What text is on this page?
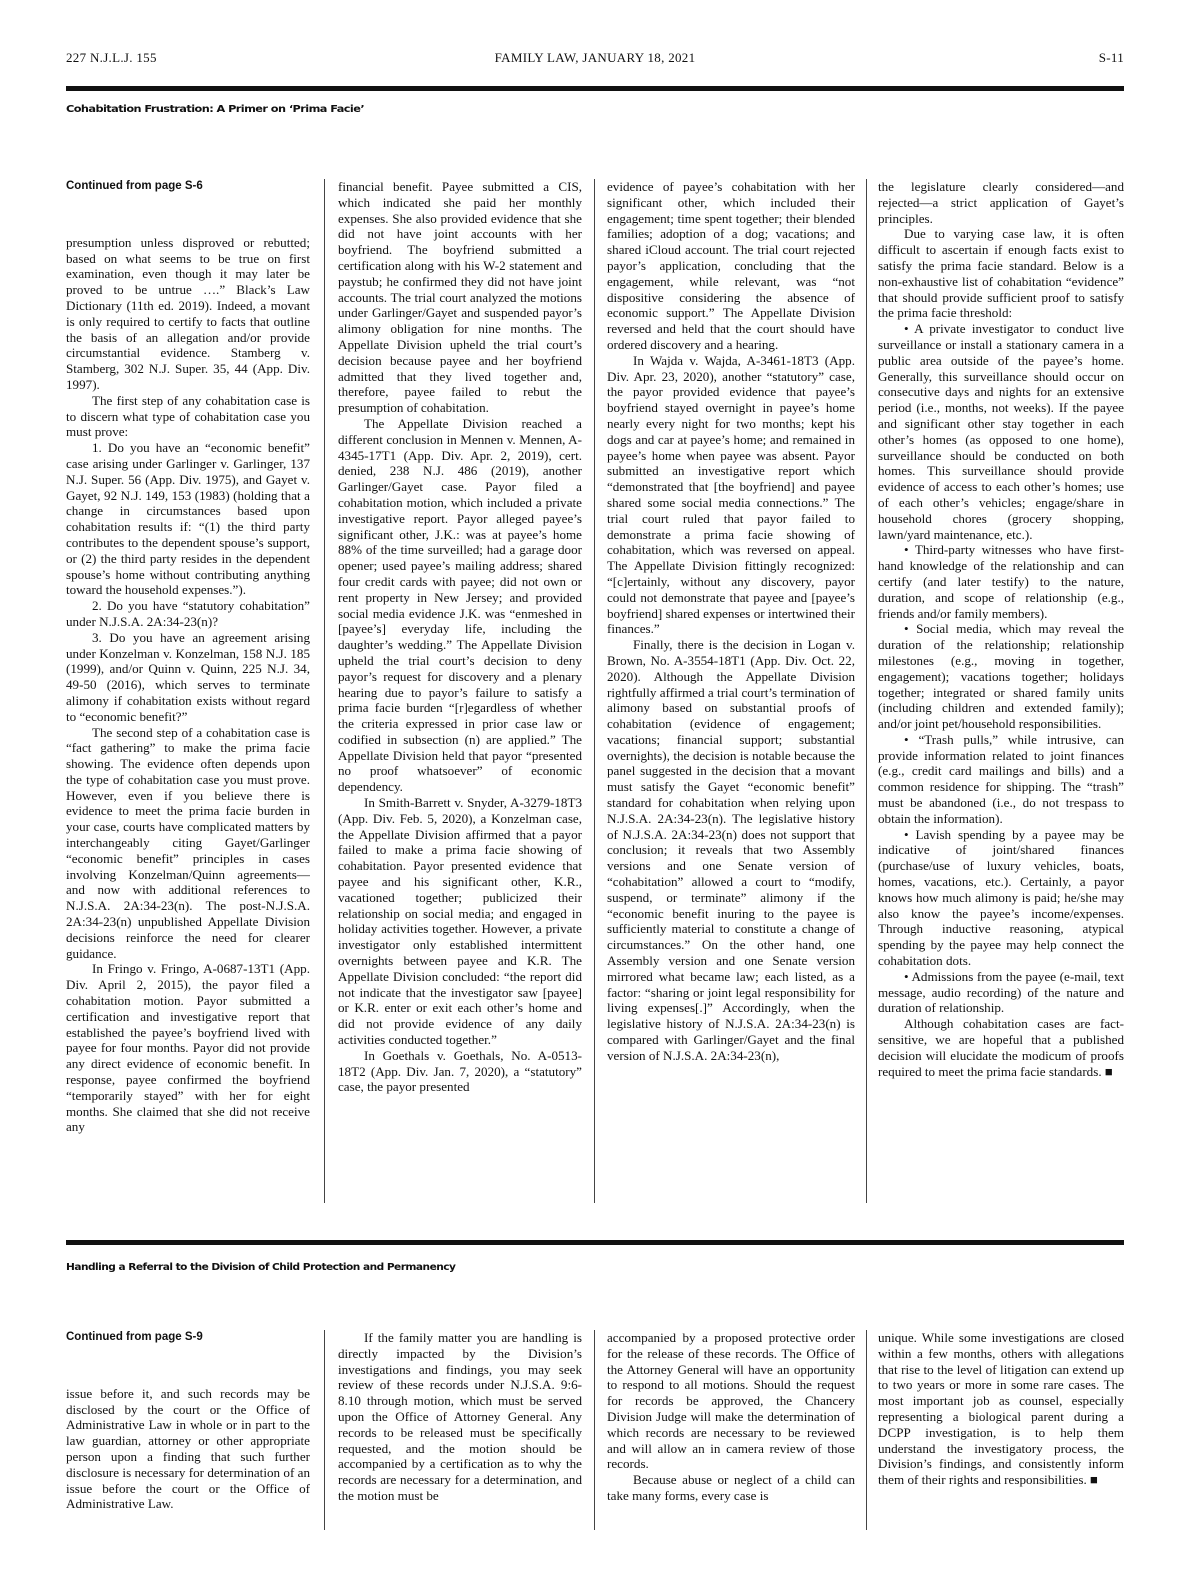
227 N.J.L.J. 155	FAMILY LAW, JANUARY 18, 2021	S-11
Cohabitation Frustration: A Primer on ‘Prima Facie’

Continued from page S-6

presumption unless disproved or rebutted; based on what seems to be true on first examination, even though it may later be proved to be untrue ….” Black’s Law Dictionary (11th ed. 2019). Indeed, a movant is only required to certify to facts that outline the basis of an allegation and/or provide circumstantial evidence. Stamberg v. Stamberg, 302 N.J. Super. 35, 44 (App. Div. 1997).

The first step of any cohabitation case is to discern what type of cohabitation case you must prove:

1. Do you have an “economic benefit” case arising under Garlinger v. Garlinger, 137 N.J. Super. 56 (App. Div. 1975), and Gayet v. Gayet, 92 N.J. 149, 153 (1983) (holding that a change in circumstances based upon cohabitation results if: “(1) the third party contributes to the dependent spouse’s support, or (2) the third party resides in the dependent spouse’s home without contributing anything toward the household expenses.”).

2. Do you have “statutory cohabitation” under N.J.S.A. 2A:34-23(n)?

3. Do you have an agreement arising under Konzelman v. Konzelman, 158 N.J. 185 (1999), and/or Quinn v. Quinn, 225 N.J. 34, 49-50 (2016), which serves to terminate alimony if cohabitation exists without regard to “economic benefit?”

The second step of a cohabitation case is “fact gathering” to make the prima facie showing. The evidence often depends upon the type of cohabitation case you must prove. However, even if you believe there is evidence to meet the prima facie burden in your case, courts have complicated matters by interchangeably citing Gayet/Garlinger “economic benefit” principles in cases involving Konzelman/Quinn agreements—and now with additional references to N.J.S.A. 2A:34-23(n). The post-N.J.S.A. 2A:34-23(n) unpublished Appellate Division decisions reinforce the need for clearer guidance.

In Fringo v. Fringo, A-0687-13T1 (App. Div. April 2, 2015), the payor filed a cohabitation motion. Payor submitted a certification and investigative report that established the payee’s boyfriend lived with payee for four months. Payor did not provide any direct evidence of economic benefit. In response, payee confirmed the boyfriend “temporarily stayed” with her for eight months. She claimed that she did not receive any

financial benefit. Payee submitted a CIS, which indicated she paid her monthly expenses. She also provided evidence that she did not have joint accounts with her boyfriend. The boyfriend submitted a certification along with his W-2 statement and paystub; he confirmed they did not have joint accounts. The trial court analyzed the motions under Garlinger/Gayet and suspended payor’s alimony obligation for nine months. The Appellate Division upheld the trial court’s decision because payee and her boyfriend admitted that they lived together and, therefore, payee failed to rebut the presumption of cohabitation.

The Appellate Division reached a different conclusion in Mennen v. Mennen, A-4345-17T1 (App. Div. Apr. 2, 2019), cert. denied, 238 N.J. 486 (2019), another Garlinger/Gayet case. Payor filed a cohabitation motion, which included a private investigative report. Payor alleged payee’s significant other, J.K.: was at payee’s home 88% of the time surveilled; had a garage door opener; used payee’s mailing address; shared four credit cards with payee; did not own or rent property in New Jersey; and provided social media evidence J.K. was “enmeshed in [payee’s] everyday life, including the daughter’s wedding.” The Appellate Division upheld the trial court’s decision to deny payor’s request for discovery and a plenary hearing due to payor’s failure to satisfy a prima facie burden “[r]egardless of whether the criteria expressed in prior case law or codified in subsection (n) are applied.” The Appellate Division held that payor “presented no proof whatsoever” of economic dependency.

In Smith-Barrett v. Snyder, A-3279-18T3 (App. Div. Feb. 5, 2020), a Konzelman case, the Appellate Division affirmed that a payor failed to make a prima facie showing of cohabitation. Payor presented evidence that payee and his significant other, K.R., vacationed together; publicized their relationship on social media; and engaged in holiday activities together. However, a private investigator only established intermittent overnights between payee and K.R. The Appellate Division concluded: “the report did not indicate that the investigator saw [payee] or K.R. enter or exit each other’s home and did not provide evidence of any daily activities conducted together.”

In Goethals v. Goethals, No. A-0513-18T2 (App. Div. Jan. 7, 2020), a “statutory” case, the payor presented

evidence of payee’s cohabitation with her significant other, which included their engagement; time spent together; their blended families; adoption of a dog; vacations; and shared iCloud account. The trial court rejected payor’s application, concluding that the engagement, while relevant, was “not dispositive considering the absence of economic support.” The Appellate Division reversed and held that the court should have ordered discovery and a hearing.

In Wajda v. Wajda, A-3461-18T3 (App. Div. Apr. 23, 2020), another “statutory” case, the payor provided evidence that payee’s boyfriend stayed overnight in payee’s home nearly every night for two months; kept his dogs and car at payee’s home; and remained in payee’s home when payee was absent. Payor submitted an investigative report which “demonstrated that [the boyfriend] and payee shared some social media connections.” The trial court ruled that payor failed to demonstrate a prima facie showing of cohabitation, which was reversed on appeal. The Appellate Division fittingly recognized: “[c]ertainly, without any discovery, payor could not demonstrate that payee and [payee’s boyfriend] shared expenses or intertwined their finances.”

Finally, there is the decision in Logan v. Brown, No. A-3554-18T1 (App. Div. Oct. 22, 2020). Although the Appellate Division rightfully affirmed a trial court’s termination of alimony based on substantial proofs of cohabitation (evidence of engagement; vacations; financial support; substantial overnights), the decision is notable because the panel suggested in the decision that a movant must satisfy the Gayet “economic benefit” standard for cohabitation when relying upon N.J.S.A. 2A:34-23(n). The legislative history of N.J.S.A. 2A:34-23(n) does not support that conclusion; it reveals that two Assembly versions and one Senate version of “cohabitation” allowed a court to “modify, suspend, or terminate” alimony if the “economic benefit inuring to the payee is sufficiently material to constitute a change of circumstances.” On the other hand, one Assembly version and one Senate version mirrored what became law; each listed, as a factor: “sharing or joint legal responsibility for living expenses[.]” Accordingly, when the legislative history of N.J.S.A. 2A:34-23(n) is compared with Garlinger/Gayet and the final version of N.J.S.A. 2A:34-23(n),

the legislature clearly considered—and rejected—a strict application of Gayet’s principles.

Due to varying case law, it is often difficult to ascertain if enough facts exist to satisfy the prima facie standard. Below is a non-exhaustive list of cohabitation “evidence” that should provide sufficient proof to satisfy the prima facie threshold:

• A private investigator to conduct live surveillance or install a stationary camera in a public area outside of the payee’s home. Generally, this surveillance should occur on consecutive days and nights for an extensive period (i.e., months, not weeks). If the payee and significant other stay together in each other’s homes (as opposed to one home), surveillance should be conducted on both homes. This surveillance should provide evidence of access to each other’s homes; use of each other’s vehicles; engage/share in household chores (grocery shopping, lawn/yard maintenance, etc.).

• Third-party witnesses who have first-hand knowledge of the relationship and can certify (and later testify) to the nature, duration, and scope of relationship (e.g., friends and/or family members).

• Social media, which may reveal the duration of the relationship; relationship milestones (e.g., moving in together, engagement); vacations together; holidays together; integrated or shared family units (including children and extended family); and/or joint pet/household responsibilities.

• “Trash pulls,” while intrusive, can provide information related to joint finances (e.g., credit card mailings and bills) and a common residence for shipping. The “trash” must be abandoned (i.e., do not trespass to obtain the information).

• Lavish spending by a payee may be indicative of joint/shared finances (purchase/use of luxury vehicles, boats, homes, vacations, etc.). Certainly, a payor knows how much alimony is paid; he/she may also know the payee’s income/expenses. Through inductive reasoning, atypical spending by the payee may help connect the cohabitation dots.

• Admissions from the payee (e-mail, text message, audio recording) of the nature and duration of relationship.

Although cohabitation cases are fact-sensitive, we are hopeful that a published decision will elucidate the modicum of proofs required to meet the prima facie standards. ■

Handling a Referral to the Division of Child Protection and Permanency

Continued from page S-9

issue before it, and such records may be disclosed by the court or the Office of Administrative Law in whole or in part to the law guardian, attorney or other appropriate person upon a finding that such further disclosure is necessary for determination of an issue before the court or the Office of Administrative Law.

If the family matter you are handling is directly impacted by the Division’s investigations and findings, you may seek review of these records under N.J.S.A. 9:6-8.10 through motion, which must be served upon the Office of Attorney General. Any records to be released must be specifically requested, and the motion should be accompanied by a certification as to why the records are necessary for a determination, and the motion must be

accompanied by a proposed protective order for the release of these records. The Office of the Attorney General will have an opportunity to respond to all motions. Should the request for records be approved, the Chancery Division Judge will make the determination of which records are necessary to be reviewed and will allow an in camera review of those records.

Because abuse or neglect of a child can take many forms, every case is

unique. While some investigations are closed within a few months, others with allegations that rise to the level of litigation can extend up to two years or more in some rare cases. The most important job as counsel, especially representing a biological parent during a DCPP investigation, is to help them understand the investigatory process, the Division’s findings, and consistently inform them of their rights and responsibilities. ■
